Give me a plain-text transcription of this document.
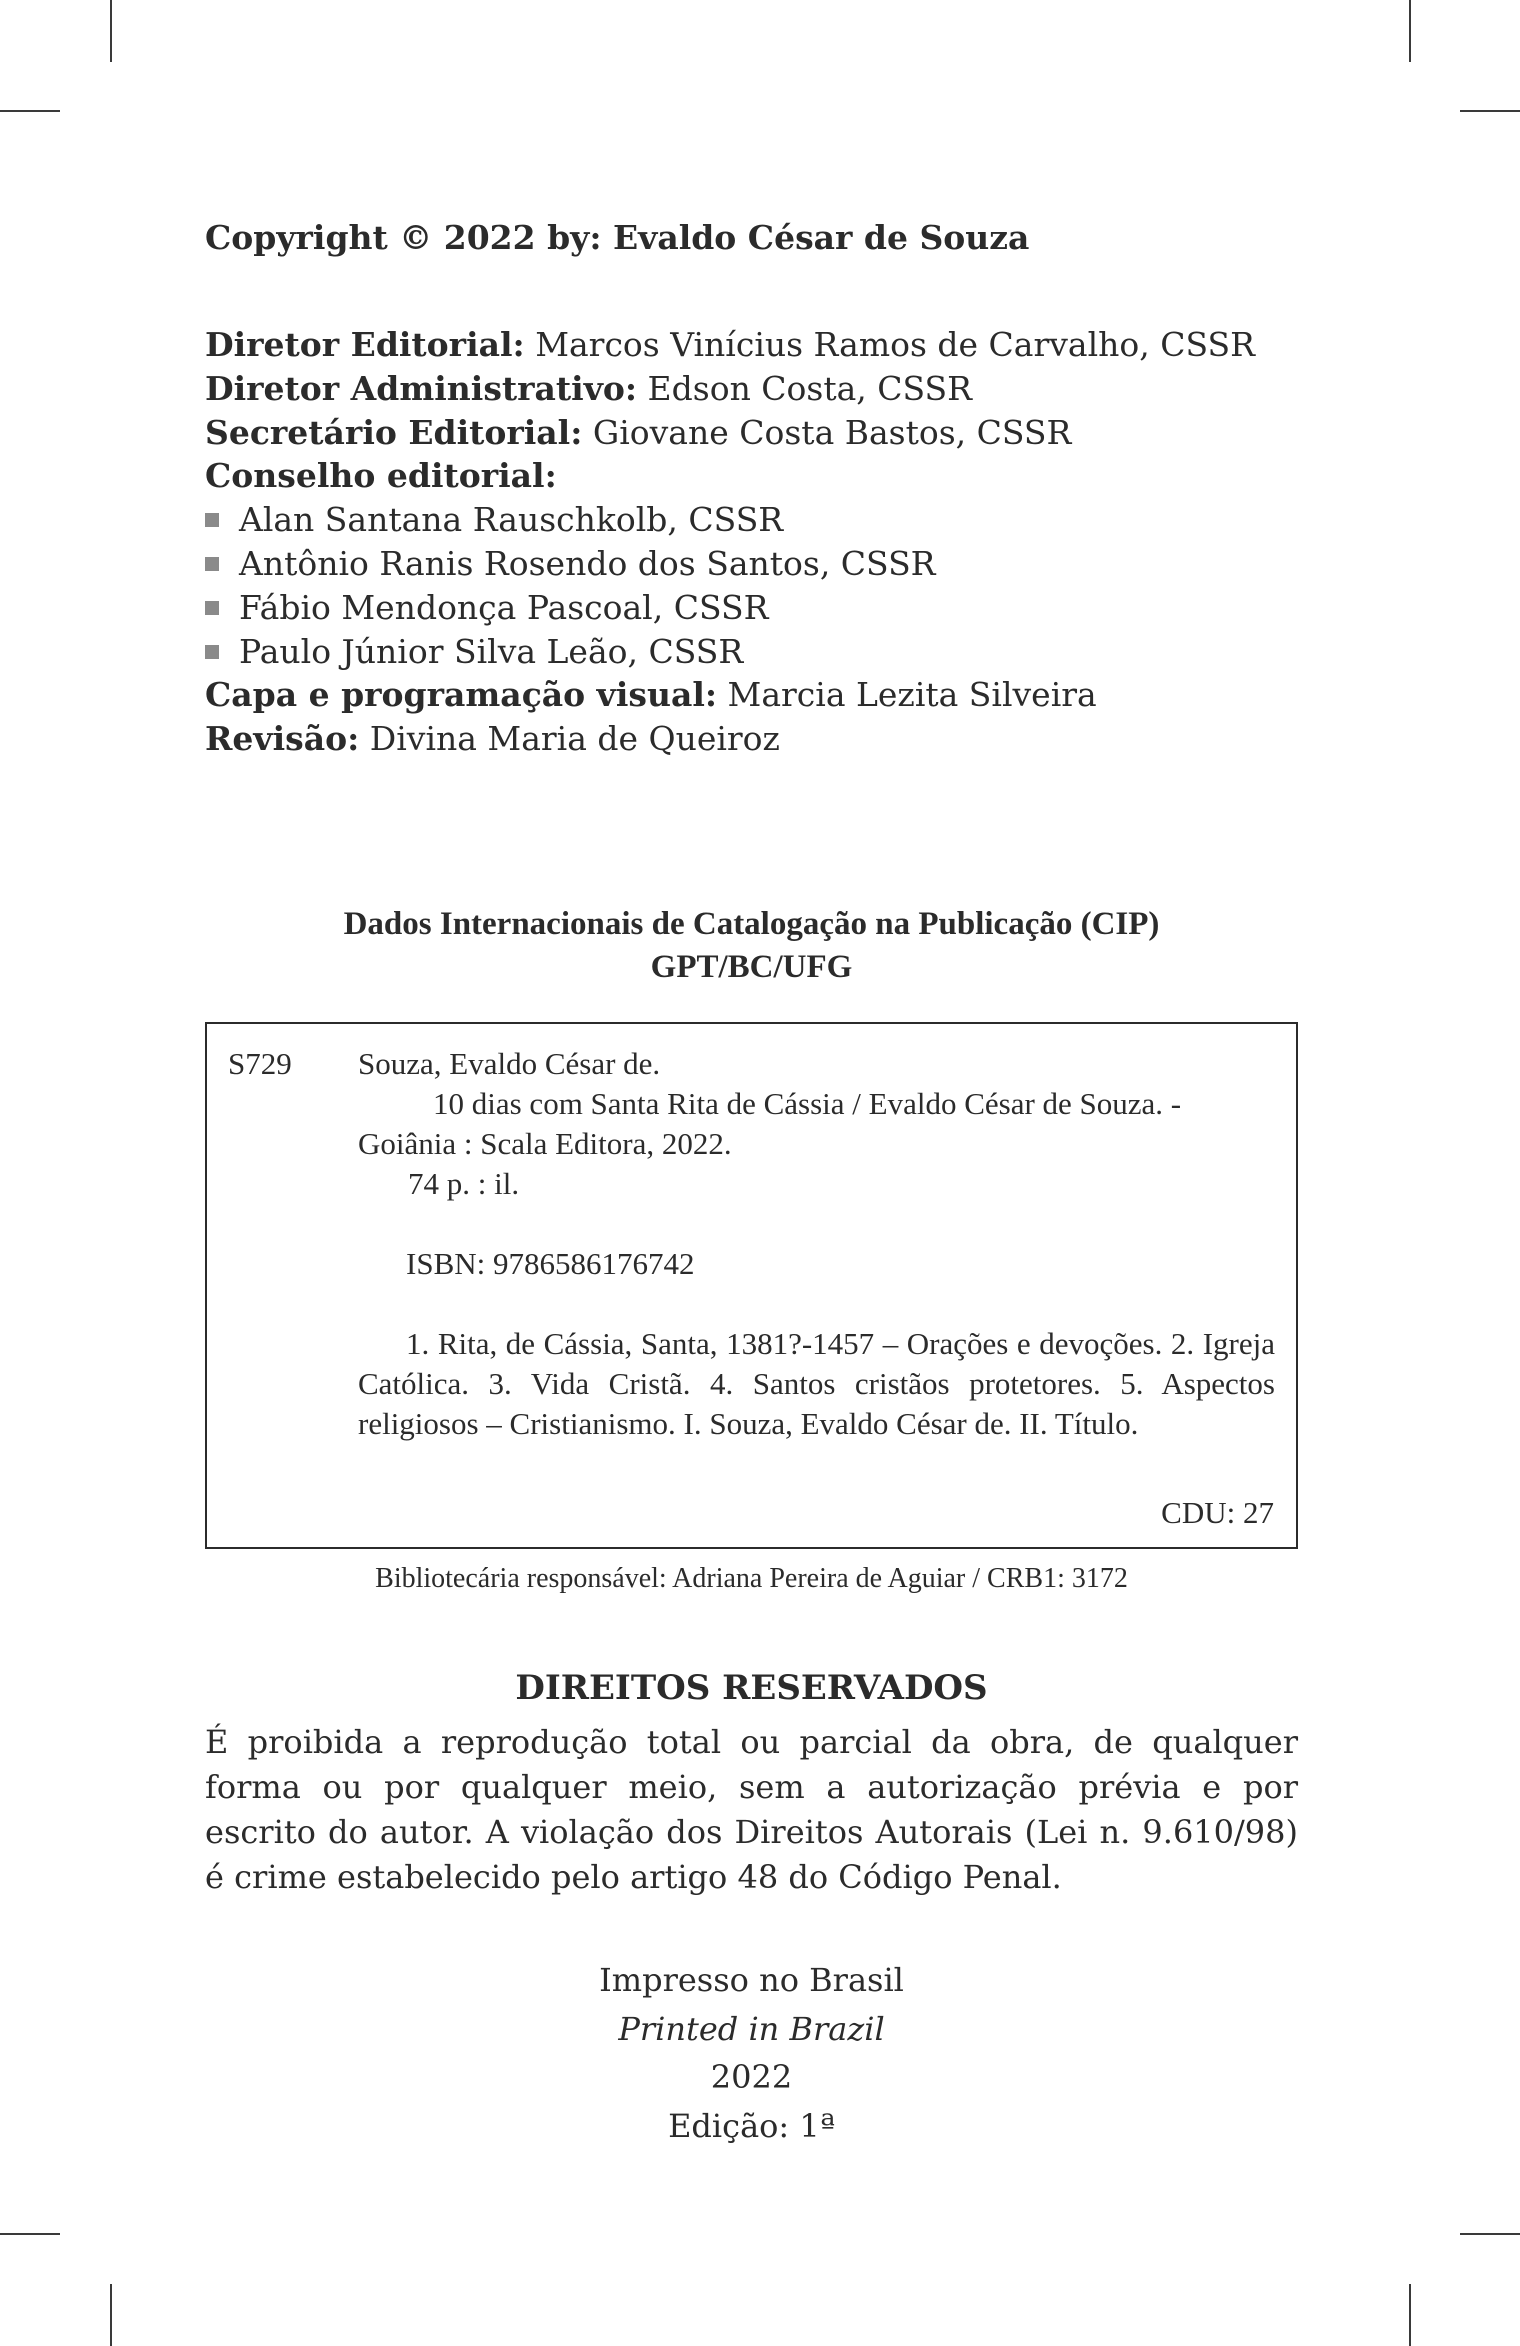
Copyright © 2022 by: Evaldo César de Souza
Diretor Editorial: Marcos Vinícius Ramos de Carvalho, CSSR
Diretor Administrativo: Edson Costa, CSSR
Secretário Editorial: Giovane Costa Bastos, CSSR
Conselho editorial:
Alan Santana Rauschkolb, CSSR
Antônio Ranis Rosendo dos Santos, CSSR
Fábio Mendonça Pascoal, CSSR
Paulo Júnior Silva Leão, CSSR
Capa e programação visual: Marcia Lezita Silveira
Revisão: Divina Maria de Queiroz
Dados Internacionais de Catalogação na Publicação (CIP)
GPT/BC/UFG
S729 Souza, Evaldo César de.
10 dias com Santa Rita de Cássia / Evaldo César de Souza. -
Goiânia : Scala Editora, 2022.
74 p. : il.
ISBN: 9786586176742
1. Rita, de Cássia, Santa, 1381?-1457 – Orações e devoções. 2. Igreja Católica. 3. Vida Cristã. 4. Santos cristãos protetores. 5. Aspectos religiosos – Cristianismo. I. Souza, Evaldo César de. II. Título.
CDU: 27
Bibliotecária responsável: Adriana Pereira de Aguiar / CRB1: 3172
DIREITOS RESERVADOS
É proibida a reprodução total ou parcial da obra, de qualquer forma ou por qualquer meio, sem a autorização prévia e por escrito do autor. A violação dos Direitos Autorais (Lei n. 9.610/98) é crime estabelecido pelo artigo 48 do Código Penal.
Impresso no Brasil
Printed in Brazil
2022
Edição: 1ª
